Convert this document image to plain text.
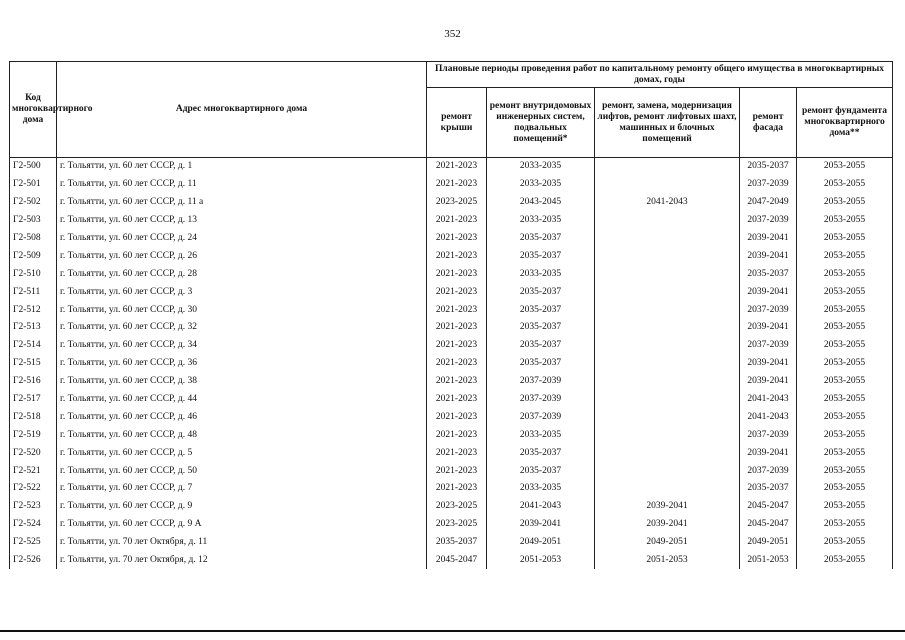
352
Код многоквартирного дома	Адрес многоквартирного дома	Плановые периоды проведения работ по капитальному ремонту общего имущества в многоквартирных домах, годы				
		ремонт крыши	ремонт внутридомовых инженерных систем, подвальных помещений*	ремонт, замена, модернизация лифтов, ремонт лифтовых шахт, машинных и блочных помещений	ремонт фасада	ремонт фундамента многоквартирного дома**
Г2-500	г. Тольятти, ул. 60 лет СССР, д. 1	2021-2023	2033-2035		2035-2037	2053-2055
Г2-501	г. Тольятти, ул. 60 лет СССР, д. 11	2021-2023	2033-2035		2037-2039	2053-2055
Г2-502	г. Тольятти, ул. 60 лет СССР, д. 11 а	2023-2025	2043-2045	2041-2043	2047-2049	2053-2055
Г2-503	г. Тольятти, ул. 60 лет СССР, д. 13	2021-2023	2033-2035		2037-2039	2053-2055
Г2-508	г. Тольятти, ул. 60 лет СССР, д. 24	2021-2023	2035-2037		2039-2041	2053-2055
Г2-509	г. Тольятти, ул. 60 лет СССР, д. 26	2021-2023	2035-2037		2039-2041	2053-2055
Г2-510	г. Тольятти, ул. 60 лет СССР, д. 28	2021-2023	2033-2035		2035-2037	2053-2055
Г2-511	г. Тольятти, ул. 60 лет СССР, д. 3	2021-2023	2035-2037		2039-2041	2053-2055
Г2-512	г. Тольятти, ул. 60 лет СССР, д. 30	2021-2023	2035-2037		2037-2039	2053-2055
Г2-513	г. Тольятти, ул. 60 лет СССР, д. 32	2021-2023	2035-2037		2039-2041	2053-2055
Г2-514	г. Тольятти, ул. 60 лет СССР, д. 34	2021-2023	2035-2037		2037-2039	2053-2055
Г2-515	г. Тольятти, ул. 60 лет СССР, д. 36	2021-2023	2035-2037		2039-2041	2053-2055
Г2-516	г. Тольятти, ул. 60 лет СССР, д. 38	2021-2023	2037-2039		2039-2041	2053-2055
Г2-517	г. Тольятти, ул. 60 лет СССР, д. 44	2021-2023	2037-2039		2041-2043	2053-2055
Г2-518	г. Тольятти, ул. 60 лет СССР, д. 46	2021-2023	2037-2039		2041-2043	2053-2055
Г2-519	г. Тольятти, ул. 60 лет СССР, д. 48	2021-2023	2033-2035		2037-2039	2053-2055
Г2-520	г. Тольятти, ул. 60 лет СССР, д. 5	2021-2023	2035-2037		2039-2041	2053-2055
Г2-521	г. Тольятти, ул. 60 лет СССР, д. 50	2021-2023	2035-2037		2037-2039	2053-2055
Г2-522	г. Тольятти, ул. 60 лет СССР, д. 7	2021-2023	2033-2035		2035-2037	2053-2055
Г2-523	г. Тольятти, ул. 60 лет СССР, д. 9	2023-2025	2041-2043	2039-2041	2045-2047	2053-2055
Г2-524	г. Тольятти, ул. 60 лет СССР, д. 9 А	2023-2025	2039-2041	2039-2041	2045-2047	2053-2055
Г2-525	г. Тольятти, ул. 70 лет Октября, д. 11	2035-2037	2049-2051	2049-2051	2049-2051	2053-2055
Г2-526	г. Тольятти, ул. 70 лет Октября, д. 12	2045-2047	2051-2053	2051-2053	2051-2053	2053-2055
